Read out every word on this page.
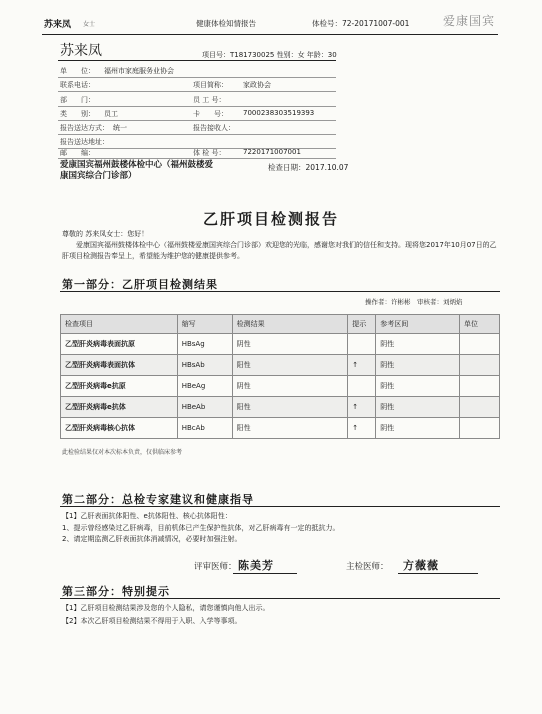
苏来凤 女士	健康体检知情报告	体检号：72-20171007-001	爱康国宾
苏来凤	项目号：T181730025 性别：女 年龄：30
单　　位： 福州市家庭服务业协会
联系电话：	项目简称： 家政协会
部　　门：	员 工 号：
类　　别： 员工	卡　　号： 7000238303519393
报告送达方式： 统一	报告接收人：
报告送达地址：
邮　　编：	体 检 号：	7220171007001
爱康国宾福州鼓楼体检中心（福州鼓楼爱康国宾综合门诊部）
检查日期：2017.10.07
乙肝项目检测报告
尊敬的 苏来凤女士：您好！
爱康国宾福州鼓楼体检中心（福州鼓楼爱康国宾综合门诊部）欢迎您的光临，感谢您对我们的信任和支持。现将您2017年10月07日的乙肝项目检测报告奉呈上，希望能为维护您的健康提供参考。
第一部分：乙肝项目检测结果
操作者：许彬彬　审核者：刘炳焰
检查项目	缩写	检测结果	提示	参考区间	单位
乙型肝炎病毒表面抗原	HBsAg	阴性		阴性	
乙型肝炎病毒表面抗体	HBsAb	阳性	↑	阴性	
乙型肝炎病毒e抗原	HBeAg	阴性		阴性	
乙型肝炎病毒e抗体	HBeAb	阳性	↑	阴性	
乙型肝炎病毒核心抗体	HBcAb	阳性	↑	阴性	
此检验结果仅对本次标本负责，仅供临床参考
第二部分：总检专家建议和健康指导
【1】乙肝表面抗体阳性、e抗体阳性、核心抗体阳性：
1、提示曾经感染过乙肝病毒，目前机体已产生保护性抗体，对乙肝病毒有一定的抵抗力。
2、请定期监测乙肝表面抗体消减情况，必要时加强注射。
评审医师： 陈美芳	主检医师： 方薇薇
第三部分：特别提示
【1】乙肝项目检测结果涉及您的个人隐私，请您谨慎向他人出示。
【2】本次乙肝项目检测结果不得用于入职、入学等事项。
